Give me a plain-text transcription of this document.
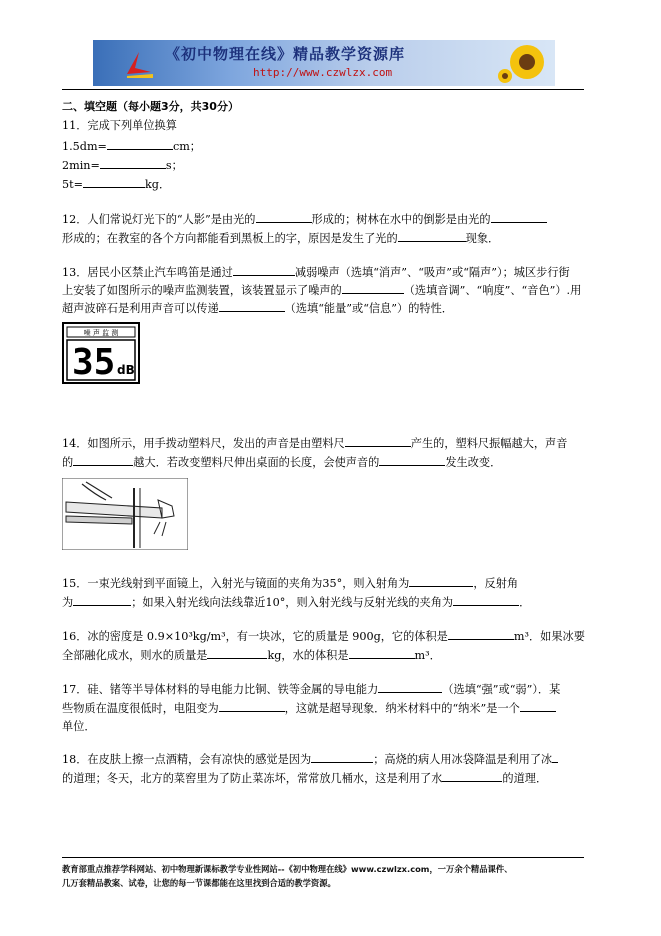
《初中物理在线》精品教学资源库
http://www.czwlzx.com
二、填空题（每小题3分，共30分）
11．完成下列单位换算
1.5dm=	cm；
2min=	s；
5t=	kg．
12．人们常说灯光下的“人影”是由光的	形成的；树林在水中的倒影是由光的
形成的；在教室的各个方向都能看到黑板上的字，原因是发生了光的	现象．
13．居民小区禁止汽车鸣笛是通过	减弱噪声（选填“消声”、“吸声”或“隔声”）；城区步行街
上安装了如图所示的噪声监测装置，该装置显示了噪声的	（选填音调”、“响度”、“音色”）.用
超声波碎石是利用声音可以传递	（选填“能量”或“信息”）的特性．
噪 声 监 测
35 dB
14．如图所示，用手拨动塑料尺，发出的声音是由塑料尺	产生的，塑料尺振幅越大，声音
的	越大．若改变塑料尺伸出桌面的长度，会使声音的	发生改变．
15．一束光线射到平面镜上，入射光与镜面的夹角为35°，则入射角为	，反射角
为	；如果入射光线向法线靠近10°，则入射光线与反射光线的夹角为	．
16．冰的密度是 0.9×10³kg/m³，有一块冰，它的质量是 900g，它的体积是	m³．如果冰要
全部融化成水，则水的质量是	kg，水的体积是	m³．
17．硅、锗等半导体材料的导电能力比铜、铁等金属的导电能力	（选填“强”或“弱”）．某
些物质在温度很低时，电阻变为	，这就是超导现象．纳米材料中的“纳米”是一个
单位．
18．在皮肤上擦一点酒精，会有凉快的感觉是因为	；高烧的病人用冰袋降温是利用了冰
的道理；冬天，北方的菜窖里为了防止菜冻坏，常常放几桶水，这是利用了水	的道理．
教育部重点推荐学科网站、初中物理新课标教学专业性网站--《初中物理在线》www.czwlzx.com，一万余个精品课件、
几万套精品教案、试卷，让您的每一节课都能在这里找到合适的教学资源。
